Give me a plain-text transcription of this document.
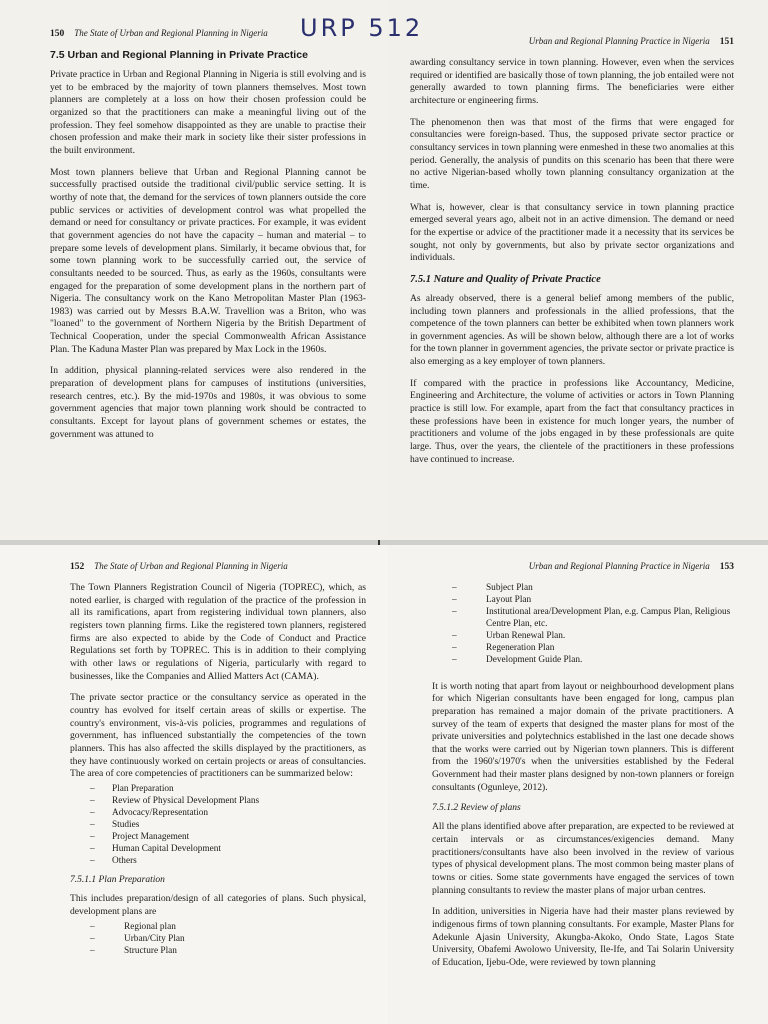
URP 512
150 The State of Urban and Regional Planning in Nigeria
7.5 Urban and Regional Planning in Private Practice

Private practice in Urban and Regional Planning in Nigeria is still evolving and is yet to be embraced by the majority of town planners themselves. Most town planners are completely at a loss on how their chosen profession could be organized so that the practitioners can make a meaningful living out of the profession. They feel somehow disappointed as they are unable to practise their chosen profession and make their mark in society like their sister professions in the built environment.

Most town planners believe that Urban and Regional Planning cannot be successfully practised outside the traditional civil/public service setting. It is worthy of note that, the demand for the services of town planners outside the core public services or activities of development control was what propelled the demand or need for consultancy or private practices. For example, it was evident that government agencies do not have the capacity – human and material – to prepare some levels of development plans. Similarly, it became obvious that, for some town planning work to be successfully carried out, the service of consultants needed to be sourced. Thus, as early as the 1960s, consultants were engaged for the preparation of some development plans in the northern part of Nigeria. The consultancy work on the Kano Metropolitan Master Plan (1963-1983) was carried out by Messrs B.A.W. Travellion was a Briton, who was "loaned" to the government of Northern Nigeria by the British Department of Technical Cooperation, under the special Commonwealth African Assistance Plan. The Kaduna Master Plan was prepared by Max Lock in the 1960s.

In addition, physical planning-related services were also rendered in the preparation of development plans for campuses of institutions (universities, research centres, etc.). By the mid-1970s and 1980s, it was obvious to some government agencies that major town planning work should be contracted to consultants. Except for layout plans of government schemes or estates, the government was attuned to

Urban and Regional Planning Practice in Nigeria 151

awarding consultancy service in town planning. However, even when the services required or identified are basically those of town planning, the job entailed were not generally awarded to town planning firms. The beneficiaries were either architecture or engineering firms.

The phenomenon then was that most of the firms that were engaged for consultancies were foreign-based. Thus, the supposed private sector practice or consultancy services in town planning were enmeshed in these two anomalies at this period. Generally, the analysis of pundits on this scenario has been that there were no active Nigerian-based wholly town planning consultancy organization at the time.

What is, however, clear is that consultancy service in town planning practice emerged several years ago, albeit not in an active dimension. The demand or need for the expertise or advice of the practitioner made it a necessity that its services be sought, not only by governments, but also by private sector organizations and individuals.

7.5.1 Nature and Quality of Private Practice

As already observed, there is a general belief among members of the public, including town planners and professionals in the allied professions, that the competence of the town planners can better be exhibited when town planners work in government agencies. As will be shown below, although there are a lot of works for the town planner in government agencies, the private sector or private practice is also emerging as a key employer of town planners.

If compared with the practice in professions like Accountancy, Medicine, Engineering and Architecture, the volume of activities or actors in Town Planning practice is still low. For example, apart from the fact that consultancy practices in these professions have been in existence for much longer years, the number of practitioners and volume of the jobs engaged in by these professionals are quite large. Thus, over the years, the clientele of the practitioners in these professions have continued to increase.

152 The State of Urban and Regional Planning in Nigeria

The Town Planners Registration Council of Nigeria (TOPREC), which, as noted earlier, is charged with regulation of the practice of the profession in all its ramifications, apart from registering individual town planners, also registers town planning firms. Like the registered town planners, registered firms are also expected to abide by the Code of Conduct and Practice Regulations set forth by TOPREC. This is in addition to their complying with other laws or regulations of Nigeria, particularly with regard to businesses, like the Companies and Allied Matters Act (CAMA).

The private sector practice or the consultancy service as operated in the country has evolved for itself certain areas of skills or expertise. The country's environment, vis-à-vis policies, programmes and regulations of government, has influenced substantially the competencies of the town planners. This has also affected the skills displayed by the practitioners, as they have continuously worked on certain projects or areas of consultancies. The area of core competencies of practitioners can be summarized below:

– Plan Preparation
– Review of Physical Development Plans
– Advocacy/Representation
– Studies
– Project Management
– Human Capital Development
– Others
7.5.1.1 Plan Preparation

This includes preparation/design of all categories of plans. Such physical, development plans are

– Regional plan
– Urban/City Plan
– Structure Plan
Urban and Regional Planning Practice in Nigeria 153
– Subject Plan
– Layout Plan
– Institutional area/Development Plan, e.g. Campus Plan, Religious Centre Plan, etc.
– Urban Renewal Plan.
– Regeneration Plan
– Development Guide Plan.

It is worth noting that apart from layout or neighbourhood development plans for which Nigerian consultants have been engaged for long, campus plan preparation has remained a major domain of the private practitioners. A survey of the team of experts that designed the master plans for most of the private universities and polytechnics established in the last one decade shows that the works were carried out by Nigerian town planners. This is different from the 1960's/1970's when the universities established by the Federal Government had their master plans designed by non-town planners or foreign consultants (Ogunleye, 2012).

7.5.1.2 Review of plans

All the plans identified above after preparation, are expected to be reviewed at certain intervals or as circumstances/exigencies demand. Many practitioners/consultants have also been involved in the review of various types of physical development plans. The most common being master plans of towns or cities. Some state governments have engaged the services of town planning consultants to review the master plans of major urban centres.

In addition, universities in Nigeria have had their master plans reviewed by indigenous firms of town planning consultants. For example, Master Plans for Adekunle Ajasin University, Akungba-Akoko, Ondo State, Lagos State University, Obafemi Awolowo University, Ile-Ife, and Tai Solarin University of Education, Ijebu-Ode, were reviewed by town planning
